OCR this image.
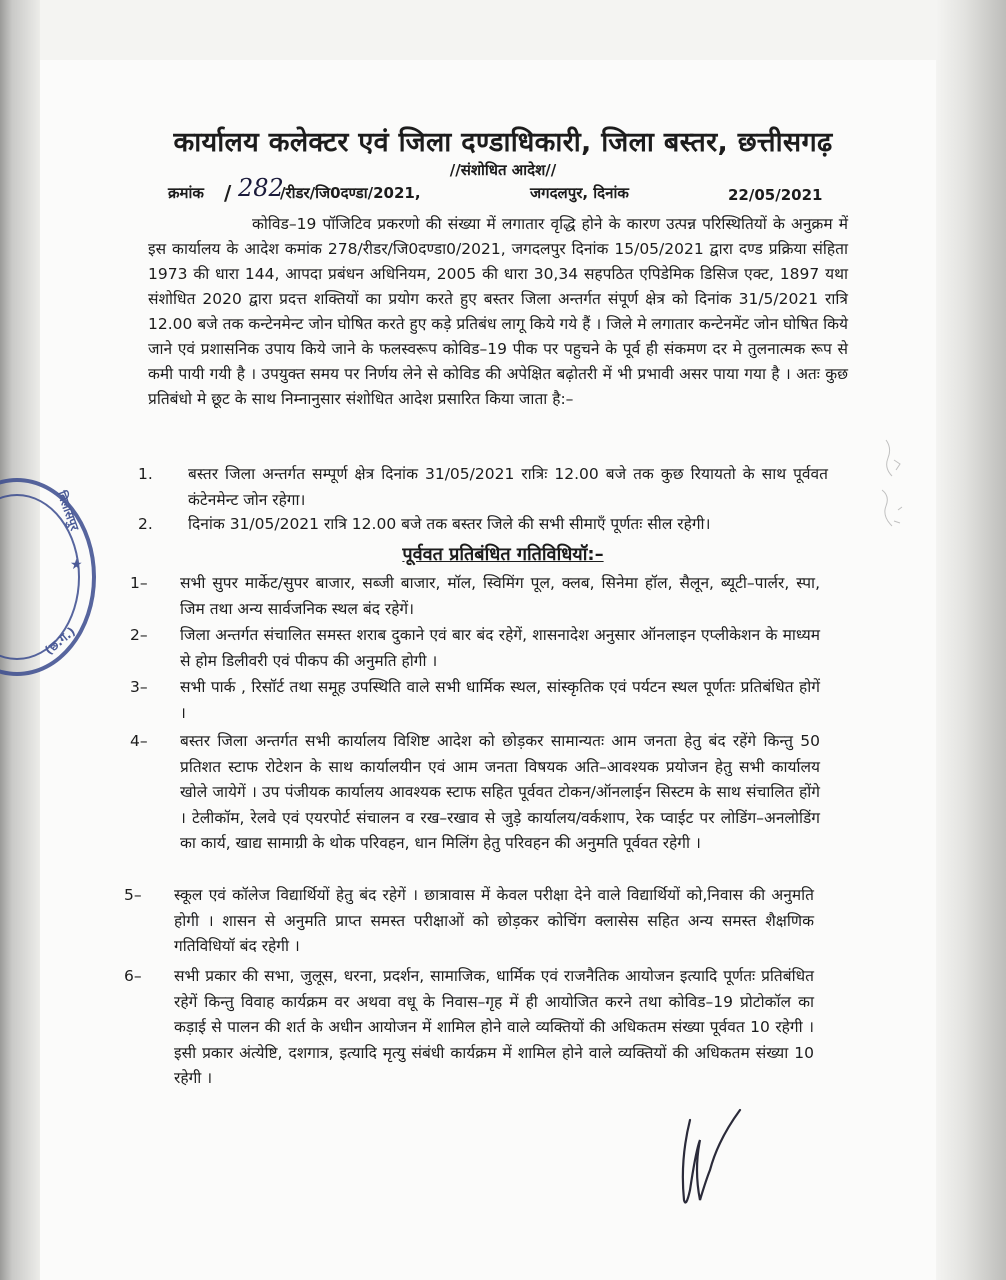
★
बिलासपुर
(छ.ग.)
कार्यालय कलेक्टर एवं जिला दण्डाधिकारी, जिला बस्तर, छत्तीसगढ़
//संशोधित आदेश//
क्रमांक / 282
/रीडर/जि0दण्डा/2021,	जगदलपुर, दिनांक	22/05/2021
कोविड–19 पॉजिटिव प्रकरणो की संख्या में लगातार वृद्धि होने के कारण उत्पन्न परिस्थितियों के अनुक्रम में इस कार्यालय के आदेश कमांक 278/रीडर/जि0दण्डा0/2021, जगदलपुर दिनांक 15/05/2021 द्वारा दण्ड प्रक्रिया संहिता 1973 की धारा 144, आपदा प्रबंधन अधिनियम, 2005 की धारा 30,34 सहपठित एपिडेमिक डिसिज एक्ट, 1897 यथा संशोधित 2020 द्वारा प्रदत्त शक्तियों का प्रयोग करते हुए बस्तर जिला अन्तर्गत संपूर्ण क्षेत्र को दिनांक 31/5/2021 रात्रि 12.00 बजे तक कन्टेनमेन्ट जोन घोषित करते हुए कड़े प्रतिबंध लागू किये गये हैं । जिले मे लगातार कन्टेनमेंट जोन घोषित किये जाने एवं प्रशासनिक उपाय किये जाने के फलस्वरूप कोविड–19 पीक पर पहुचने के पूर्व ही संकमण दर मे तुलनात्मक रूप से कमी पायी गयी है । उपयुक्त समय पर निर्णय लेने से कोविड की अपेक्षित बढ़ोतरी में भी प्रभावी असर पाया गया है । अतः कुछ प्रतिबंधो मे छूट के साथ निम्नानुसार संशोधित आदेश प्रसारित किया जाता है:–
1.	बस्तर जिला अन्तर्गत सम्पूर्ण क्षेत्र दिनांक 31/05/2021 रात्रिः 12.00 बजे तक कुछ रियायतो के साथ पूर्ववत कंटेनमेन्ट जोन रहेगा।
2.	दिनांक 31/05/2021 रात्रि 12.00 बजे तक बस्तर जिले की सभी सीमाएँ पूर्णतः सील रहेगी।
पूर्ववत प्रतिबंधित गतिविधियॉ:–
1–	सभी सुपर मार्केट/सुपर बाजार, सब्जी बाजार, मॉल, स्विमिंग पूल, क्लब, सिनेमा हॉल, सैलून, ब्यूटी–पार्लर, स्पा, जिम तथा अन्य सार्वजनिक स्थल बंद रहेगें।
2–	जिला अन्तर्गत संचालित समस्त शराब दुकाने एवं बार बंद रहेगें, शासनादेश अनुसार ऑनलाइन एप्लीकेशन के माध्यम से होम डिलीवरी एवं पीकप की अनुमति होगी ।
3–	सभी पार्क , रिसॉर्ट तथा समूह उपस्थिति वाले सभी धार्मिक स्थल, सांस्कृतिक एवं पर्यटन स्थल पूर्णतः प्रतिबंधित होगें ।
4–	बस्तर जिला अन्तर्गत सभी कार्यालय विशिष्ट आदेश को छोड़कर सामान्यतः आम जनता हेतु बंद रहेंगे किन्तु 50 प्रतिशत स्टाफ रोटेशन के साथ कार्यालयीन एवं आम जनता विषयक अति–आवश्यक प्रयोजन हेतु सभी कार्यालय खोले जायेगें । उप पंजीयक कार्यालय आवश्यक स्टाफ सहित पूर्ववत टोकन/ऑनलाईन सिस्टम के साथ संचालित होंगे । टेलीकॉम, रेलवे एवं एयरपोर्ट संचालन व रख–रखाव से जुड़े कार्यालय/वर्कशाप, रेक प्वाईट पर लोडिंग–अनलोडिंग का कार्य, खाद्य सामाग्री के थोक परिवहन, धान मिलिंग हेतु परिवहन की अनुमति पूर्ववत रहेगी ।
5–	स्कूल एवं कॉलेज विद्यार्थियों हेतु बंद रहेगें । छात्रावास में केवल परीक्षा देने वाले विद्यार्थियों को,निवास की अनुमति होगी । शासन से अनुमति प्राप्त समस्त परीक्षाओं को छोड़कर कोचिंग क्लासेस सहित अन्य समस्त शैक्षणिक गतिविधियॉ बंद रहेगी ।
6–	सभी प्रकार की सभा, जुलूस, धरना, प्रदर्शन, सामाजिक, धार्मिक एवं राजनैतिक आयोजन इत्यादि पूर्णतः प्रतिबंधित रहेगें किन्तु विवाह कार्यक्रम वर अथवा वधू के निवास–गृह में ही आयोजित करने तथा कोविड–19 प्रोटोकॉल का कड़ाई से पालन की शर्त के अधीन आयोजन में शामिल होने वाले व्यक्तियों की अधिकतम संख्या पूर्ववत 10 रहेगी । इसी प्रकार अंत्येष्टि, दशगात्र, इत्यादि मृत्यु संबंधी कार्यक्रम में शामिल होने वाले व्यक्तियों की अधिकतम संख्या 10 रहेगी ।
